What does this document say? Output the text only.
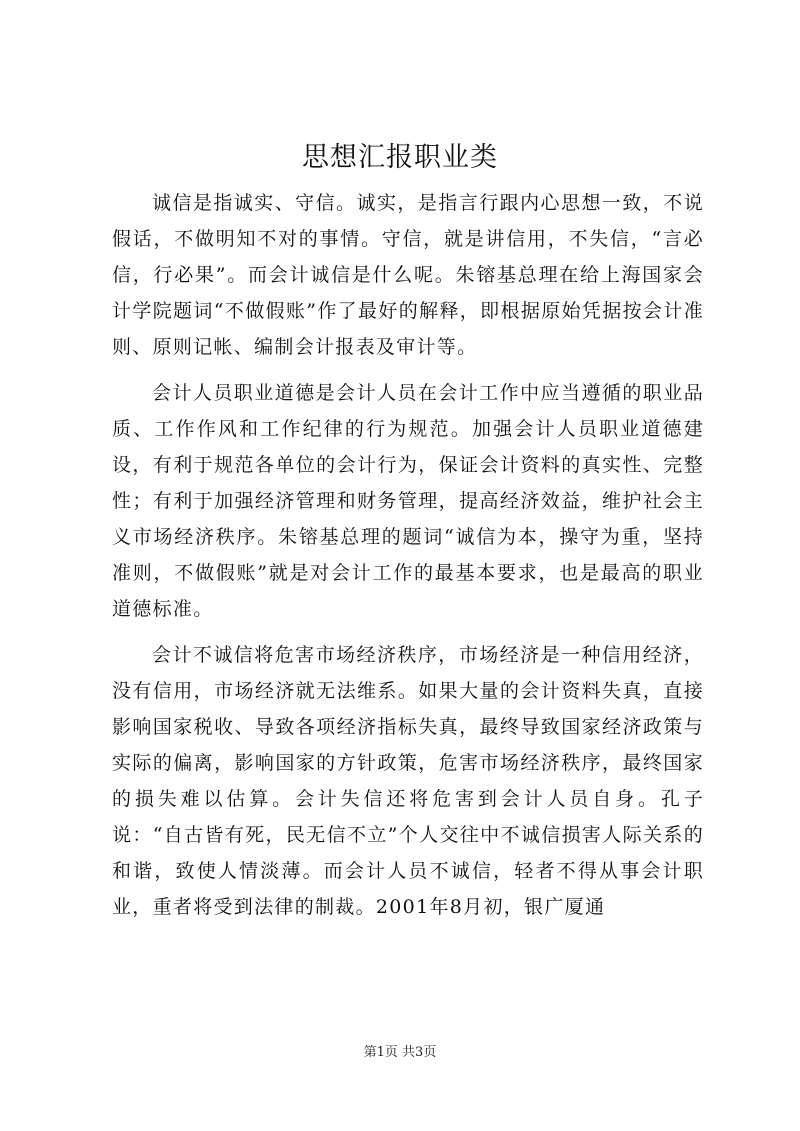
思想汇报职业类

诚信是指诚实、守信。诚实，是指言行跟内心思想一致，不说假话，不做明知不对的事情。守信，就是讲信用，不失信，“言必信，行必果”。而会计诚信是什么呢。朱镕基总理在给上海国家会计学院题词“不做假账”作了最好的解释，即根据原始凭据按会计准则、原则记帐、编制会计报表及审计等。

会计人员职业道德是会计人员在会计工作中应当遵循的职业品质、工作作风和工作纪律的行为规范。加强会计人员职业道德建设，有利于规范各单位的会计行为，保证会计资料的真实性、完整性；有利于加强经济管理和财务管理，提高经济效益，维护社会主义市场经济秩序。朱镕基总理的题词“诚信为本，操守为重，坚持准则，不做假账”就是对会计工作的最基本要求，也是最高的职业道德标准。

会计不诚信将危害市场经济秩序，市场经济是一种信用经济，没有信用，市场经济就无法维系。如果大量的会计资料失真，直接影响国家税收、导致各项经济指标失真，最终导致国家经济政策与实际的偏离，影响国家的方针政策，危害市场经济秩序，最终国家的损失难以估算。会计失信还将危害到会计人员自身。孔子说：“自古皆有死，民无信不立”个人交往中不诚信损害人际关系的和谐，致使人情淡薄。而会计人员不诚信，轻者不得从事会计职业，重者将受到法律的制裁。2001年8月初，银广厦通

第1页 共3页
